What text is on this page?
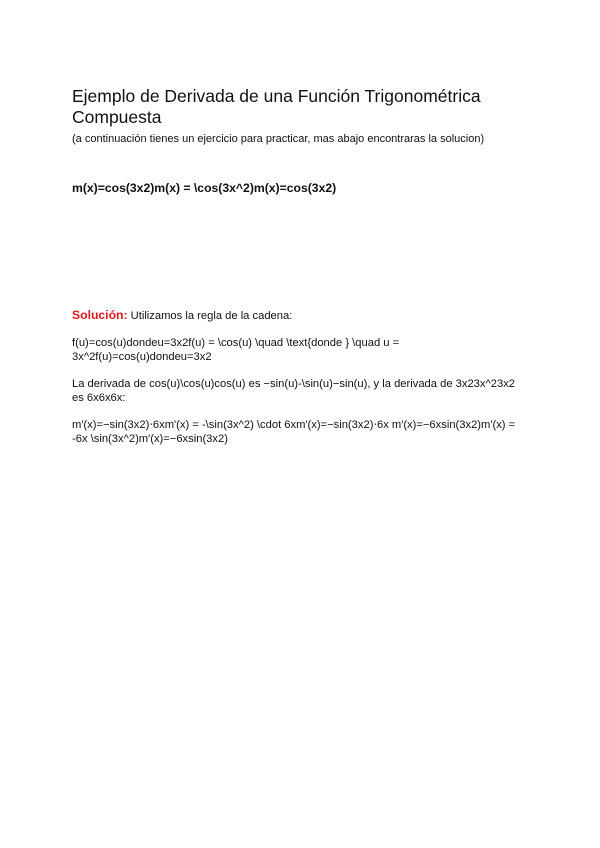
Ejemplo de Derivada de una Función Trigonométrica Compuesta

(a continuación tienes un ejercicio para practicar, mas abajo encontraras la solucion)

m(x)=cos(3x2)m(x) = \cos(3x^2)m(x)=cos(3x2)

Solución: Utilizamos la regla de la cadena:

f(u)=cos(u)dondeu=3x2f(u) = \cos(u) \quad \text{donde } \quad u = 3x^2f(u)=cos(u)dondeu=3x2

La derivada de cos(u)\cos(u)cos(u) es −sin(u)-\sin(u)−sin(u), y la derivada de 3x23x^23x2 es 6x6x6x:

m′(x)=−sin(3x2)⋅6xm'(x) = -\sin(3x^2) \cdot 6xm′(x)=−sin(3x2)⋅6x m′(x)=−6xsin(3x2)m'(x) = -6x \sin(3x^2)m′(x)=−6xsin(3x2)
